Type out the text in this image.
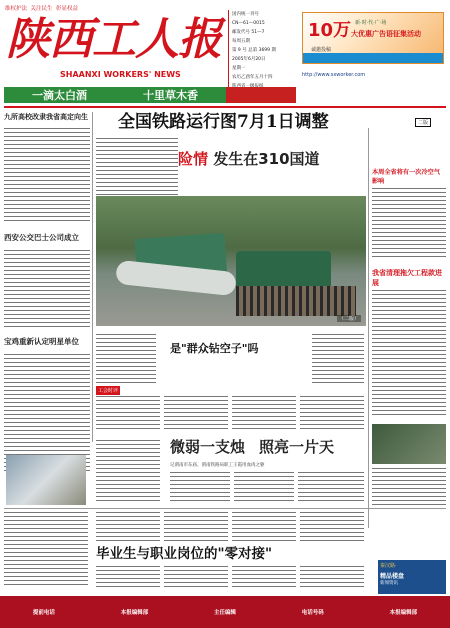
维权护法 关注民生 彰显权益
陕西工人报
SHAANXI WORKERS' NEWS
国内统一刊号
CN—61—0015
邮发代号 51—7
每周五期
第 9 号 总第 3699 期
2005年6月20日
星期一
农历乙酉年五月十四
10万 新·时·代·广·场
大优惠广告语征集活动
诚邀投稿
http://www.sxworker.com
一滴太白酒	十里草木香
九所高校改隶我省高定向生
西安公交巴士公司成立
宝鸡重新认定明星单位
全国铁路运行图7月1日调整	二版
险情 发生在310国道
（二版）
本周全省将有一次冷空气影响
我省清理拖欠工程款进展
工会时评
是"群众钻空子"吗
微弱一支烛 照亮一片天
记渭南市东庙、渭南铁路局职工王霞用血肉之躯
毕业生与职业岗位的"零对接"
秦汉路·
精品楼盘
新闻资讯
提前电话	本报编辑部	主任编辑	电话号码	本报编辑部
